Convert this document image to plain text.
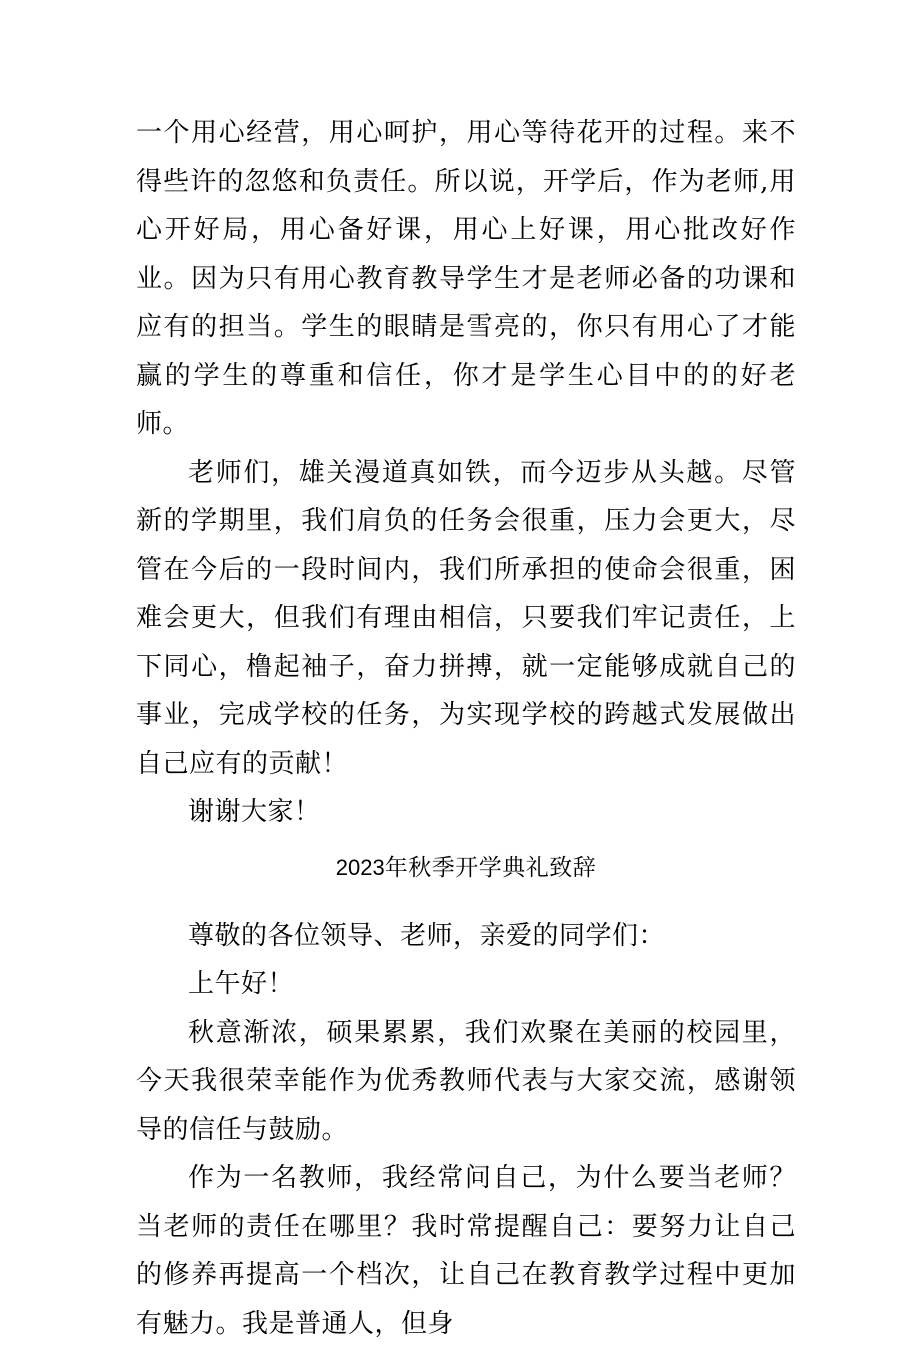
一个用心经营，用心呵护，用心等待花开的过程。来不得些许的忽悠和负责任。所以说，开学后，作为老师,用心开好局，用心备好课，用心上好课，用心批改好作业。因为只有用心教育教导学生才是老师必备的功课和应有的担当。学生的眼睛是雪亮的，你只有用心了才能赢的学生的尊重和信任，你才是学生心目中的的好老师。

老师们，雄关漫道真如铁，而今迈步从头越。尽管新的学期里，我们肩负的任务会很重，压力会更大，尽管在今后的一段时间内，我们所承担的使命会很重，困难会更大，但我们有理由相信，只要我们牢记责任，上下同心，橹起袖子，奋力拼搏，就一定能够成就自己的事业，完成学校的任务，为实现学校的跨越式发展做出自己应有的贡献！

谢谢大家！

2023年秋季开学典礼致辞

尊敬的各位领导、老师，亲爱的同学们：

上午好！

秋意渐浓，硕果累累，我们欢聚在美丽的校园里，今天我很荣幸能作为优秀教师代表与大家交流，感谢领导的信任与鼓励。

作为一名教师，我经常问自己，为什么要当老师？当老师的责任在哪里？我时常提醒自己：要努力让自己的修养再提高一个档次，让自己在教育教学过程中更加有魅力。我是普通人，但身
